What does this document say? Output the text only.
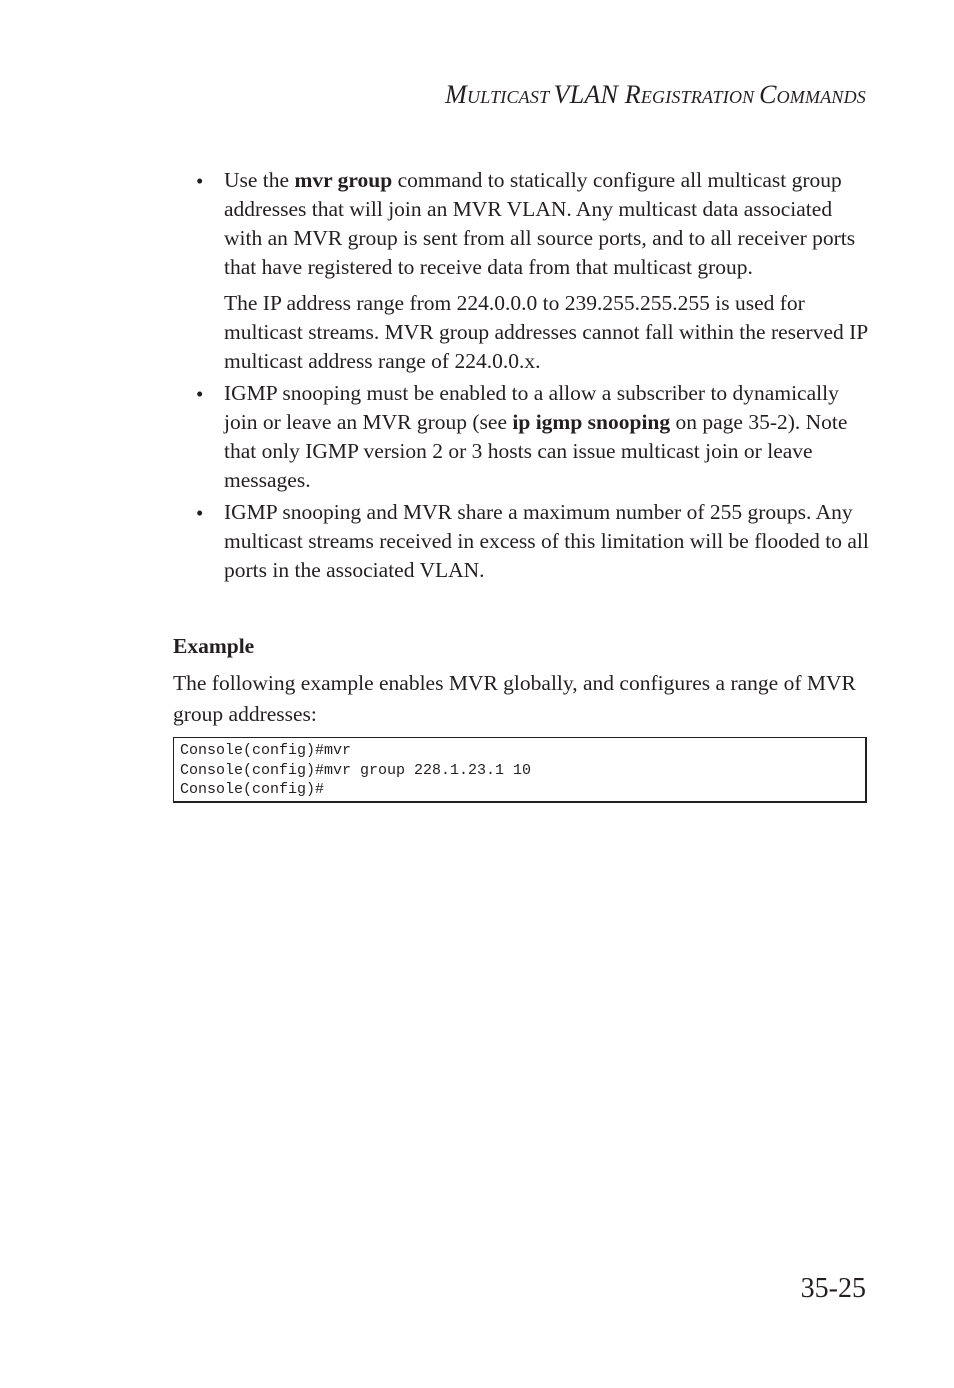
MULTICAST VLAN REGISTRATION COMMANDS
• Use the mvr group command to statically configure all multicast group addresses that will join an MVR VLAN. Any multicast data associated with an MVR group is sent from all source ports, and to all receiver ports that have registered to receive data from that multicast group.

The IP address range from 224.0.0.0 to 239.255.255.255 is used for multicast streams. MVR group addresses cannot fall within the reserved IP multicast address range of 224.0.0.x.

• IGMP snooping must be enabled to a allow a subscriber to dynamically join or leave an MVR group (see ip igmp snooping on page 35-2). Note that only IGMP version 2 or 3 hosts can issue multicast join or leave messages.

• IGMP snooping and MVR share a maximum number of 255 groups. Any multicast streams received in excess of this limitation will be flooded to all ports in the associated VLAN.

Example

The following example enables MVR globally, and configures a range of MVR group addresses:

Console(config)#mvr
Console(config)#mvr group 228.1.23.1 10
Console(config)#
35-25
